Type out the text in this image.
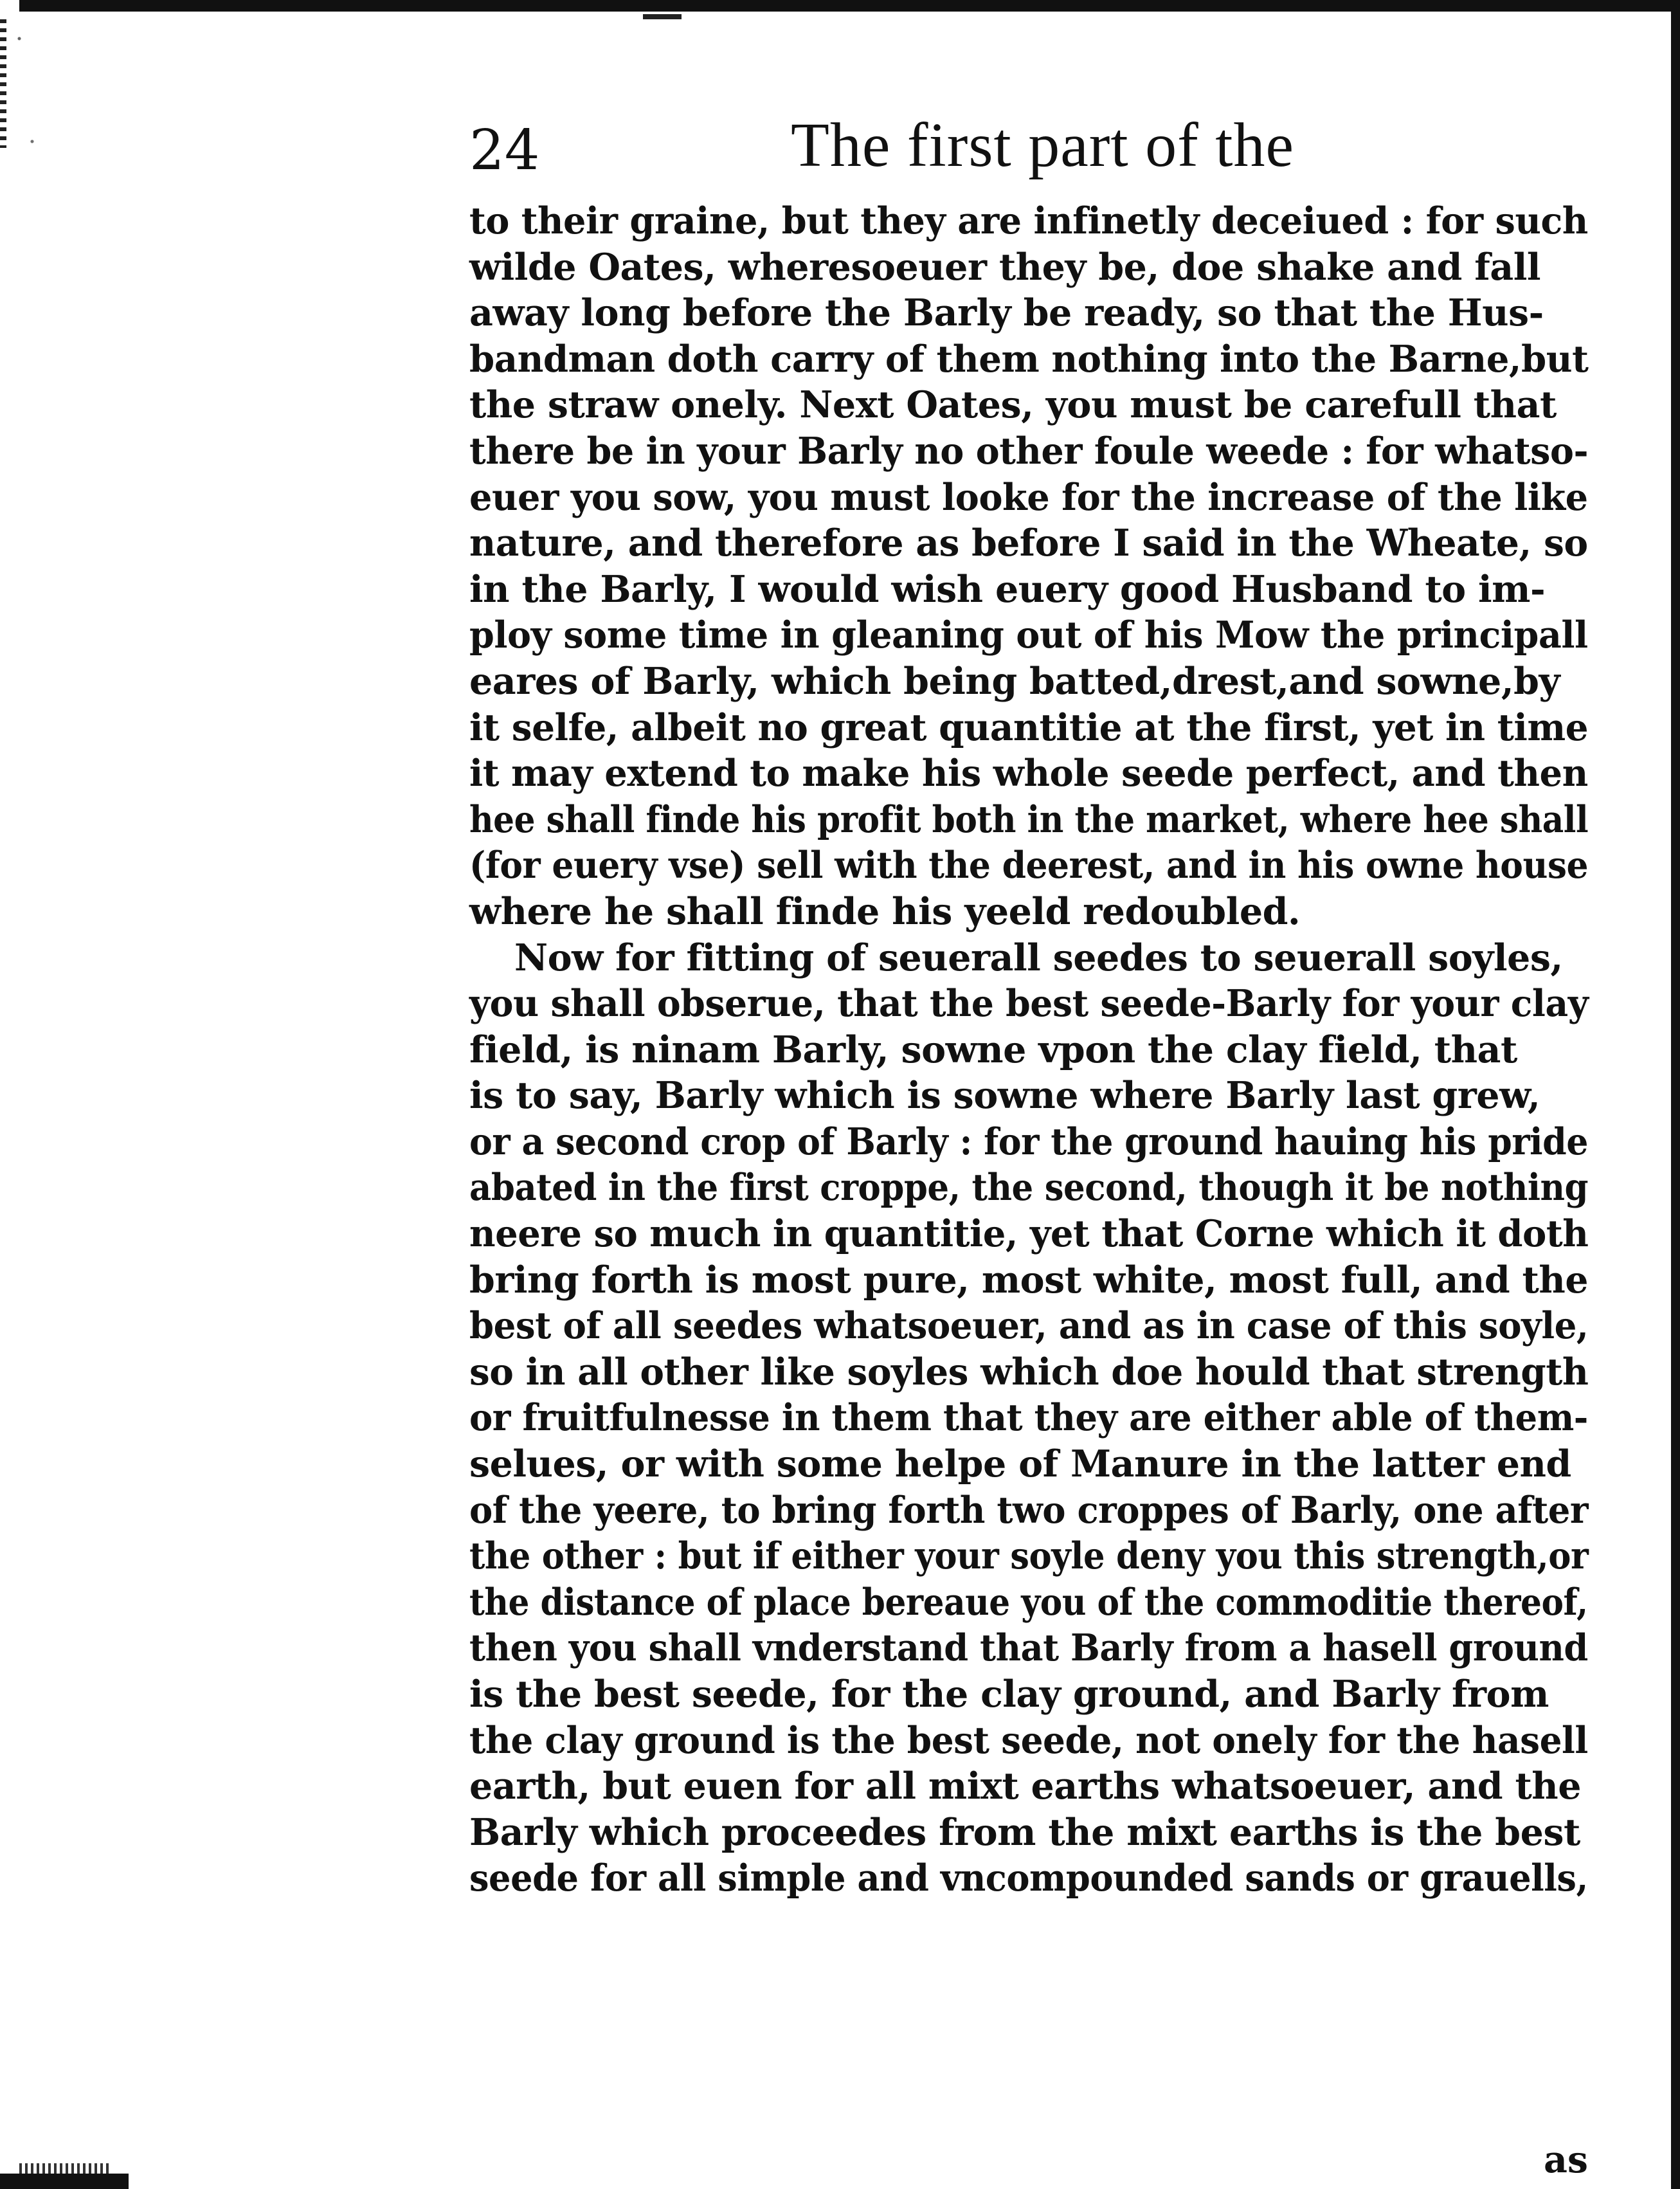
24	The first part of the
to their graine, but they are infinetly deceiued : for such
wilde Oates, wheresoeuer they be, doe shake and fall
away long before the Barly be ready, so that the Hus-
bandman doth carry of them nothing into the Barne,but
the straw onely. Next Oates, you must be carefull that
there be in your Barly no other foule weede : for whatso-
euer you sow, you must looke for the increase of the like
nature, and therefore as before I said in the Wheate, so
in the Barly, I would wish euery good Husband to im-
ploy some time in gleaning out of his Mow the principall
eares of Barly, which being batted,drest,and sowne,by
it selfe, albeit no great quantitie at the first, yet in time
it may extend to make his whole seede perfect, and then
hee shall finde his profit both in the market, where hee shall
(for euery vse) sell with the deerest, and in his owne house
where he shall finde his yeeld redoubled.
Now for fitting of seuerall seedes to seuerall soyles,
you shall obserue, that the best seede-Barly for your clay
field, is ninam Barly, sowne vpon the clay field, that
is to say, Barly which is sowne where Barly last grew,
or a second crop of Barly : for the ground hauing his pride
abated in the first croppe, the second, though it be nothing
neere so much in quantitie, yet that Corne which it doth
bring forth is most pure, most white, most full, and the
best of all seedes whatsoeuer, and as in case of this soyle,
so in all other like soyles which doe hould that strength
or fruitfulnesse in them that they are either able of them-
selues, or with some helpe of Manure in the latter end
of the yeere, to bring forth two croppes of Barly, one after
the other : but if either your soyle deny you this strength,or
the distance of place bereaue you of the commoditie thereof,
then you shall vnderstand that Barly from a hasell ground
is the best seede, for the clay ground, and Barly from
the clay ground is the best seede, not onely for the hasell
earth, but euen for all mixt earths whatsoeuer, and the
Barly which proceedes from the mixt earths is the best
seede for all simple and vncompounded sands or grauells,
as
